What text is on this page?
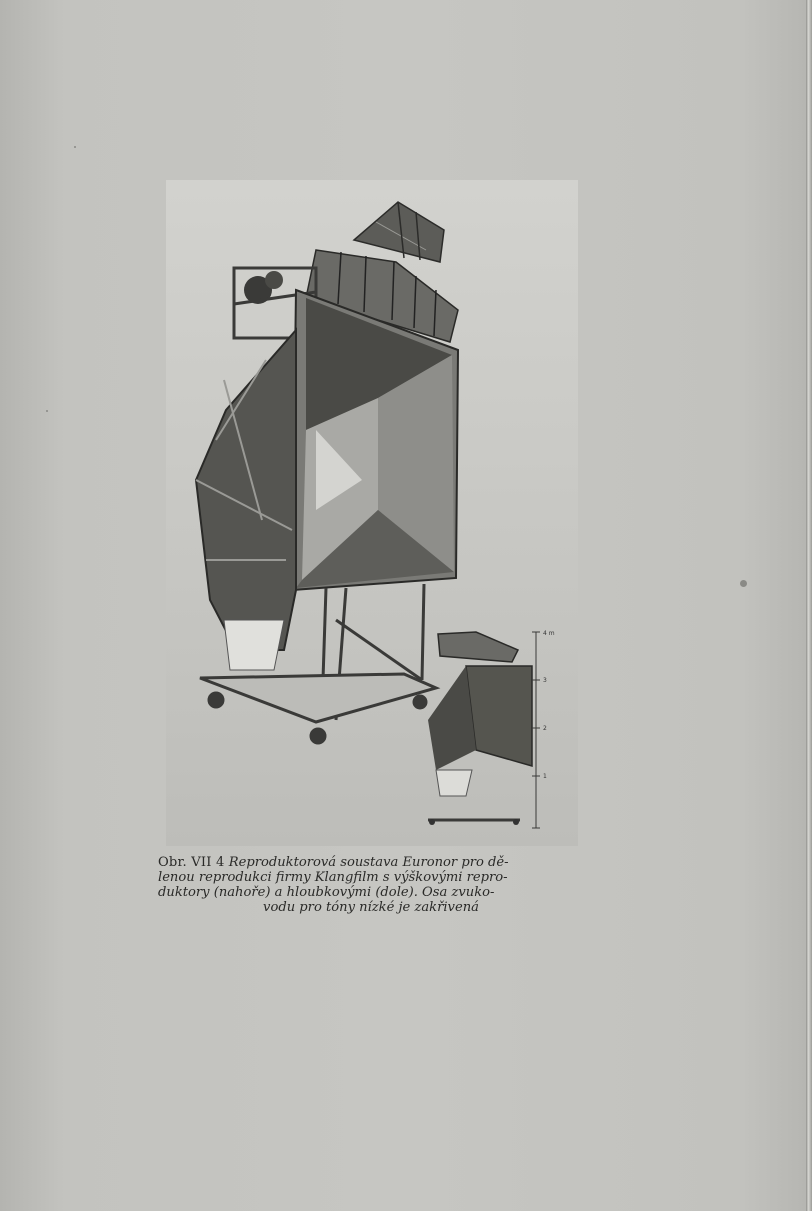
4 m
3
2
1
Obr. VII 4 Reproduktorová soustava Euronor pro dě-
lenou reprodukci firmy Klangfilm s výškovými repro-
duktory (nahoře) a hloubkovými (dole). Osa zvuko-
vodu pro tóny nízké je zakřivená
